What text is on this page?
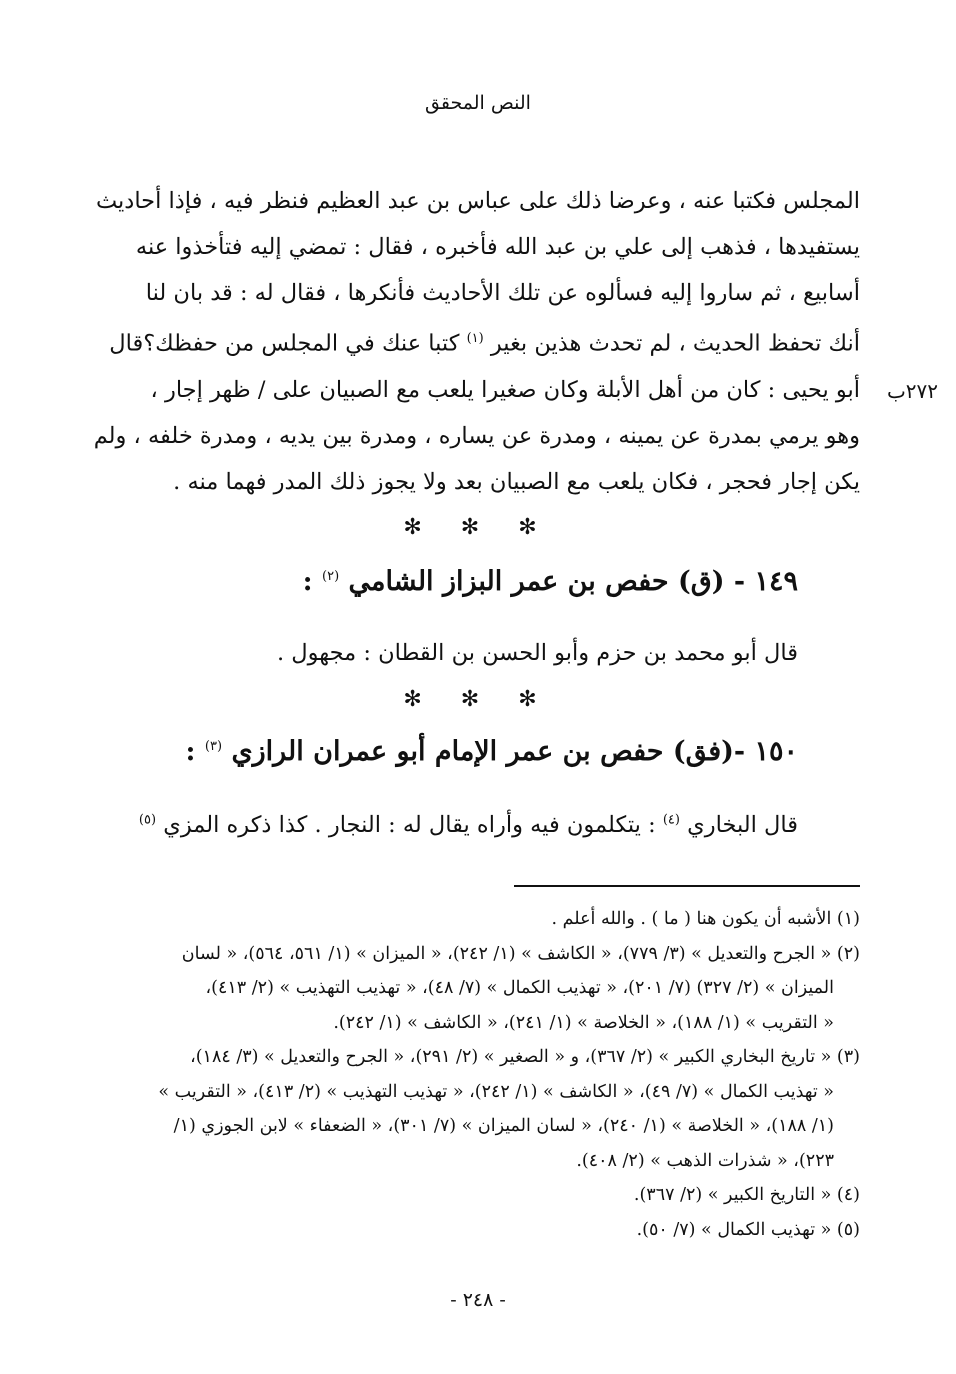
النص المحقق
المجلس فكتبا عنه ، وعرضا ذلك على عباس بن عبد العظيم فنظر فيه ، فإذا أحاديث
يستفيدها ، فذهب إلى علي بن عبد الله فأخبره ، فقال : تمضي إليه فتأخذوا عنه
أسابيع ، ثم ساروا إليه فسألوه عن تلك الأحاديث فأنكرها ، فقال له : قد بان لنا
أنك تحفظ الحديث ، لم تحدث هذين بغير $^{(١)}$ كتبا عنك في المجلس من حفظك؟قال
أبو يحيى : كان من أهل الأبلة وكان صغيرا يلعب مع الصبيان على / ظهر إجار ،
وهو يرمي بمدرة عن يمينه ، ومدرة عن يساره ، ومدرة بين يديه ، ومدرة خلفه ، ولم
يكن إجار فحجر ، فكان يلعب مع الصبيان بعد ولا يجوز ذلك المدر فهما منه .
٢٧٢ب
✻ ✻ ✻
١٤٩ - (ق) حفص بن عمر البزاز الشامي $^{(٢)}$ :
قال أبو محمد بن حزم وأبو الحسن بن القطان : مجهول .
✻ ✻ ✻
١٥٠ -(فق) حفص بن عمر الإمام أبو عمران الرازي $^{(٣)}$ :
قال البخاري $^{(٤)}$ : يتكلمون فيه وأراه يقال له : النجار . كذا ذكره المزي $^{(٥)}$
(١) الأشبه أن يكون هنا ( ما ) . والله أعلم .
(٢) « الجرح والتعديل » (٣/ ٧٧٩)، « الكاشف » (١/ ٢٤٢)، « الميزان » (١/ ٥٦١، ٥٦٤)، « لسان
الميزان » (٢/ ٣٢٧) (٧/ ٢٠١)، « تهذيب الكمال » (٧/ ٤٨)، « تهذيب التهذيب » (٢/ ٤١٣)،
« التقريب » (١/ ١٨٨)، « الخلاصة » (١/ ٢٤١)، « الكاشف » (١/ ٢٤٢).
(٣) « تاريخ البخاري الكبير » (٢/ ٣٦٧)، و « الصغير » (٢/ ٢٩١)، « الجرح والتعديل » (٣/ ١٨٤)،
« تهذيب الكمال » (٧/ ٤٩)، « الكاشف » (١/ ٢٤٢)، « تهذيب التهذيب » (٢/ ٤١٣)، « التقريب »
(١/ ١٨٨)، « الخلاصة » (١/ ٢٤٠)، « لسان الميزان » (٧/ ٣٠١)، « الضعفاء » لابن الجوزي (١/
٢٢٣)، « شذرات الذهب » (٢/ ٤٠٨).
(٤) « التاريخ الكبير » (٢/ ٣٦٧).
(٥) « تهذيب الكمال » (٧/ ٥٠).
- ٢٤٨ -
